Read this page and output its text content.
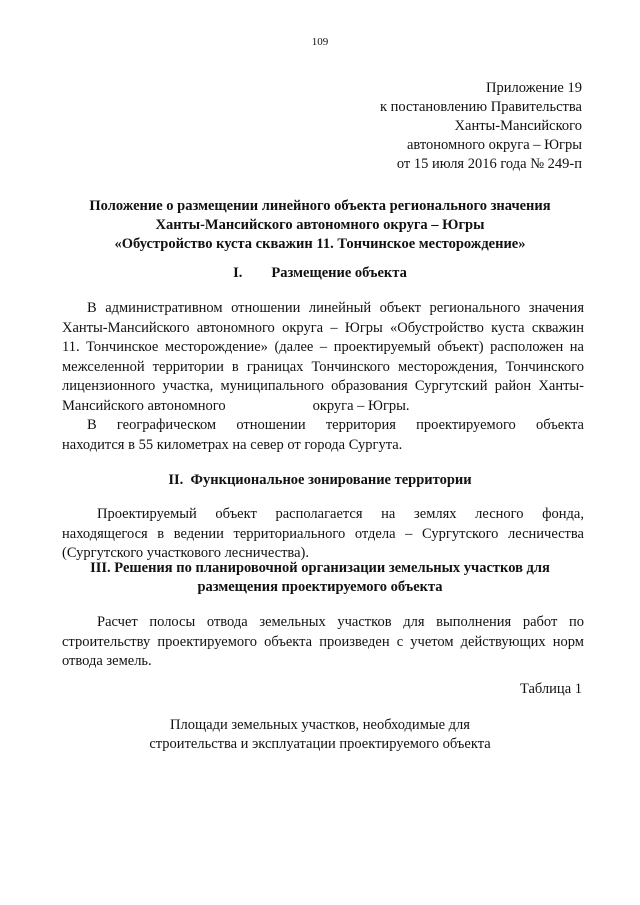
109
Приложение 19
к постановлению Правительства
Ханты-Мансийского
автономного округа – Югры
от 15 июля 2016 года № 249-п
Положение о размещении линейного объекта регионального значения
Ханты-Мансийского автономного округа – Югры
«Обустройство куста скважин 11. Тончинское месторождение»
I.        Размещение объекта
В административном отношении линейный объект регионального значения
Ханты-Мансийского автономного округа – Югры «Обустройство куста скважин
11. Тончинское месторождение» (далее – проектируемый объект) расположен на
межселенной территории в границах Тончинского месторождения, Тончинского
лицензионного участка, муниципального образования Сургутский район Ханты-
Мансийского автономного                        округа – Югры.
В   географическом   отношении   территория   проектируемого   объекта
находится в 55 километрах на север от города Сургута.
II.  Функциональное зонирование территории
Проектируемый   объект   располагается   на   землях   лесного   фонда,
находящегося в ведении территориального отдела – Сургутского лесничества
(Сургутского участкового лесничества).
III. Решения по планировочной организации земельных участков для
размещения проектируемого объекта
Расчет  полосы  отвода  земельных  участков  для  выполнения  работ  по
строительству проектируемого объекта произведен с учетом действующих норм
отвода земель.
Таблица 1
Площади земельных участков, необходимые для
строительства и эксплуатации проектируемого объекта
